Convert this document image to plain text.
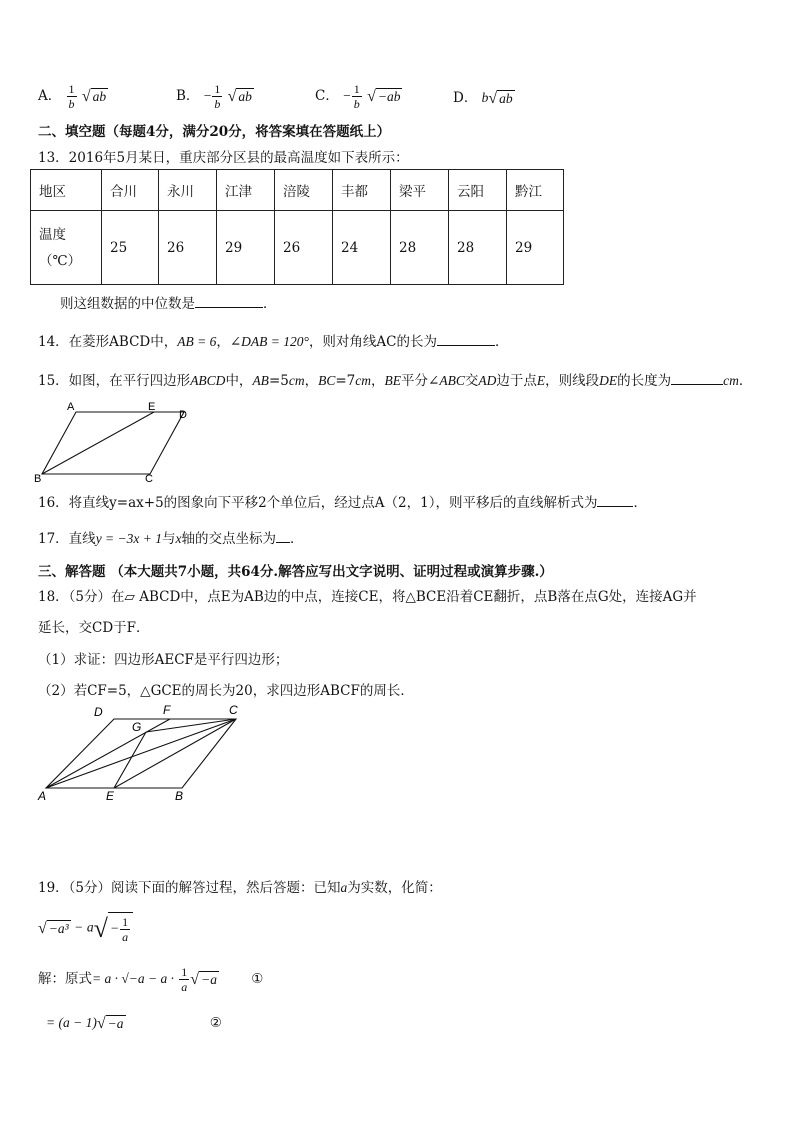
A． $\frac{1}{b}$
√ ab	B． − $\frac{1}{b}$
√ ab	C． − $\frac{1}{b}$
√ −ab	D． b √ ab
二、填空题（每题4分，满分20分，将答案填在答题纸上）
13．2016年5月某日，重庆部分区县的最高温度如下表所示：
地区	合川	永川	江津	涪陵	丰都	梁平	云阳	黔江

温度
（℃）	25	26	29	26	24	28	28	29
则这组数据的中位数是	．
14．在菱形ABCD中，AB = 6，∠DAB = 120°，则对角线AC的长为	．
15．如图，在平行四边形ABCD中，AB=5cm，BC=7cm，BE平分∠ABC交AD边于点E，则线段DE的长度为	cm．
A	E
D
B	C
16．将直线y=ax+5的图象向下平移2个单位后，经过点A（2，1），则平移后的直线解析式为	．
17．直线y = −3x + 1与x轴的交点坐标为 ．
三、解答题 （本大题共7小题，共64分.解答应写出文字说明、证明过程或演算步骤.）
18．（5分）在▱ ABCD中，点E为AB边的中点，连接CE，将△BCE沿着CE翻折，点B落在点G处，连接AG并
延长，交CD于F．
（1）求证：四边形AECF是平行四边形；
（2）若CF=5，△GCE的周长为20，求四边形ABCF的周长．
D	F	C
G
A	E	B
19．（5分）阅读下面的解答过程，然后答题：已知a为实数，化简：
√ −a³ − a √ − $\frac{1}{a}$
解：原式= $a \cdot √-a - a \cdot \frac{1}{a}$ √ −a	①
= (a − 1) √ −a	②
